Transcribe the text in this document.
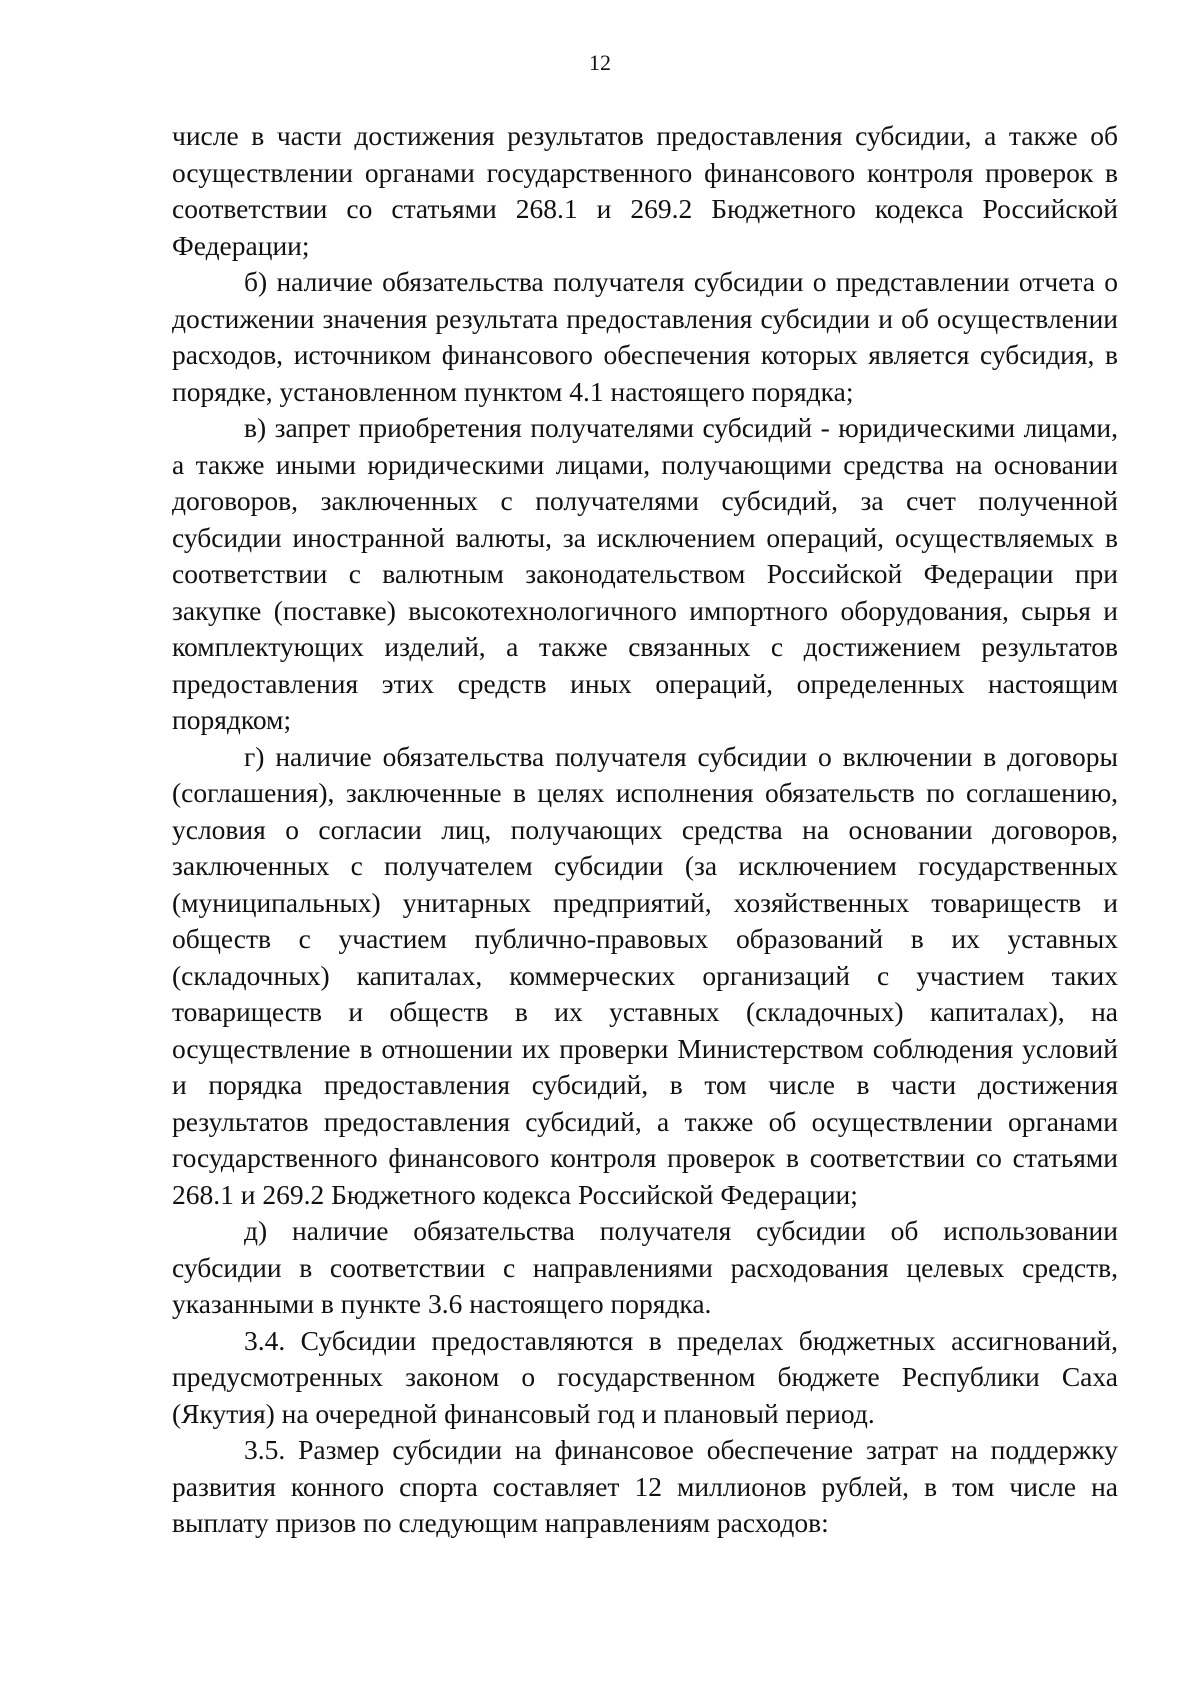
12

числе в части достижения результатов предоставления субсидии, а также об осуществлении органами государственного финансового контроля проверок в соответствии со статьями 268.1 и 269.2 Бюджетного кодекса Российской Федерации;

б) наличие обязательства получателя субсидии о представлении отчета о достижении значения результата предоставления субсидии и об осуществлении расходов, источником финансового обеспечения которых является субсидия, в порядке, установленном пунктом 4.1 настоящего порядка;

в) запрет приобретения получателями субсидий - юридическими лицами, а также иными юридическими лицами, получающими средства на основании договоров, заключенных с получателями субсидий, за счет полученной субсидии иностранной валюты, за исключением операций, осуществляемых в соответствии с валютным законодательством Российской Федерации при закупке (поставке) высокотехнологичного импортного оборудования, сырья и комплектующих изделий, а также связанных с достижением результатов предоставления этих средств иных операций, определенных настоящим порядком;

г) наличие обязательства получателя субсидии о включении в договоры (соглашения), заключенные в целях исполнения обязательств по соглашению, условия о согласии лиц, получающих средства на основании договоров, заключенных с получателем субсидии (за исключением государственных (муниципальных) унитарных предприятий, хозяйственных товариществ и обществ с участием публично-правовых образований в их уставных (складочных) капиталах, коммерческих организаций с участием таких товариществ и обществ в их уставных (складочных) капиталах), на осуществление в отношении их проверки Министерством соблюдения условий и порядка предоставления субсидий, в том числе в части достижения результатов предоставления субсидий, а также об осуществлении органами государственного финансового контроля проверок в соответствии со статьями 268.1 и 269.2 Бюджетного кодекса Российской Федерации;

д) наличие обязательства получателя субсидии об использовании субсидии в соответствии с направлениями расходования целевых средств, указанными в пункте 3.6 настоящего порядка.

3.4. Субсидии предоставляются в пределах бюджетных ассигнований, предусмотренных законом о государственном бюджете Республики Саха (Якутия) на очередной финансовый год и плановый период.

3.5. Размер субсидии на финансовое обеспечение затрат на поддержку развития конного спорта составляет 12 миллионов рублей, в том числе на выплату призов по следующим направлениям расходов:
